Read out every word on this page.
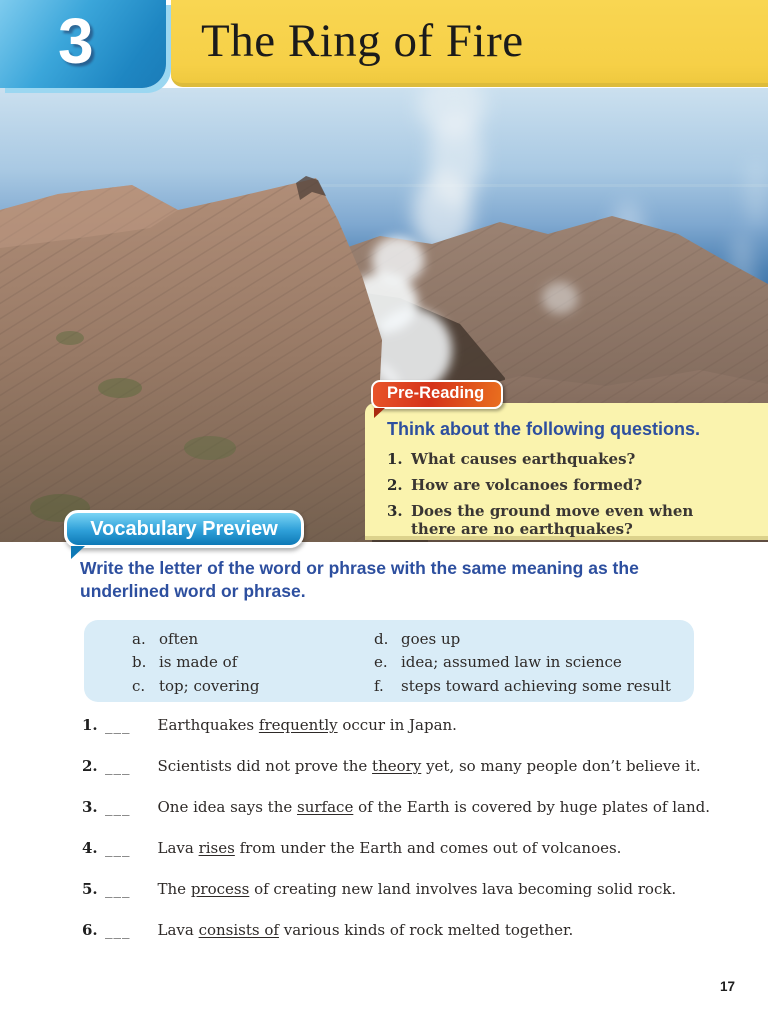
3	The Ring of Fire
Pre-Reading
Think about the following questions.
1. What causes earthquakes?
2. How are volcanoes formed?
3. Does the ground move even when there are no earthquakes?
Vocabulary Preview

Write the letter of the word or phrase with the same meaning as the underlined word or phrase.

a. often
b. is made of
c. top; covering
d. goes up
e. idea; assumed law in science
f.	steps toward achieving some result
1. ___ Earthquakes frequently occur in Japan.

2. ___ Scientists did not prove the theory yet, so many people don’t believe it.

3. ___ One idea says the surface of the Earth is covered by huge plates of land.

4. ___ Lava rises from under the Earth and comes out of volcanoes.

5. ___ The process of creating new land involves lava becoming solid rock.

6. ___ Lava consists of various kinds of rock melted together.

17
